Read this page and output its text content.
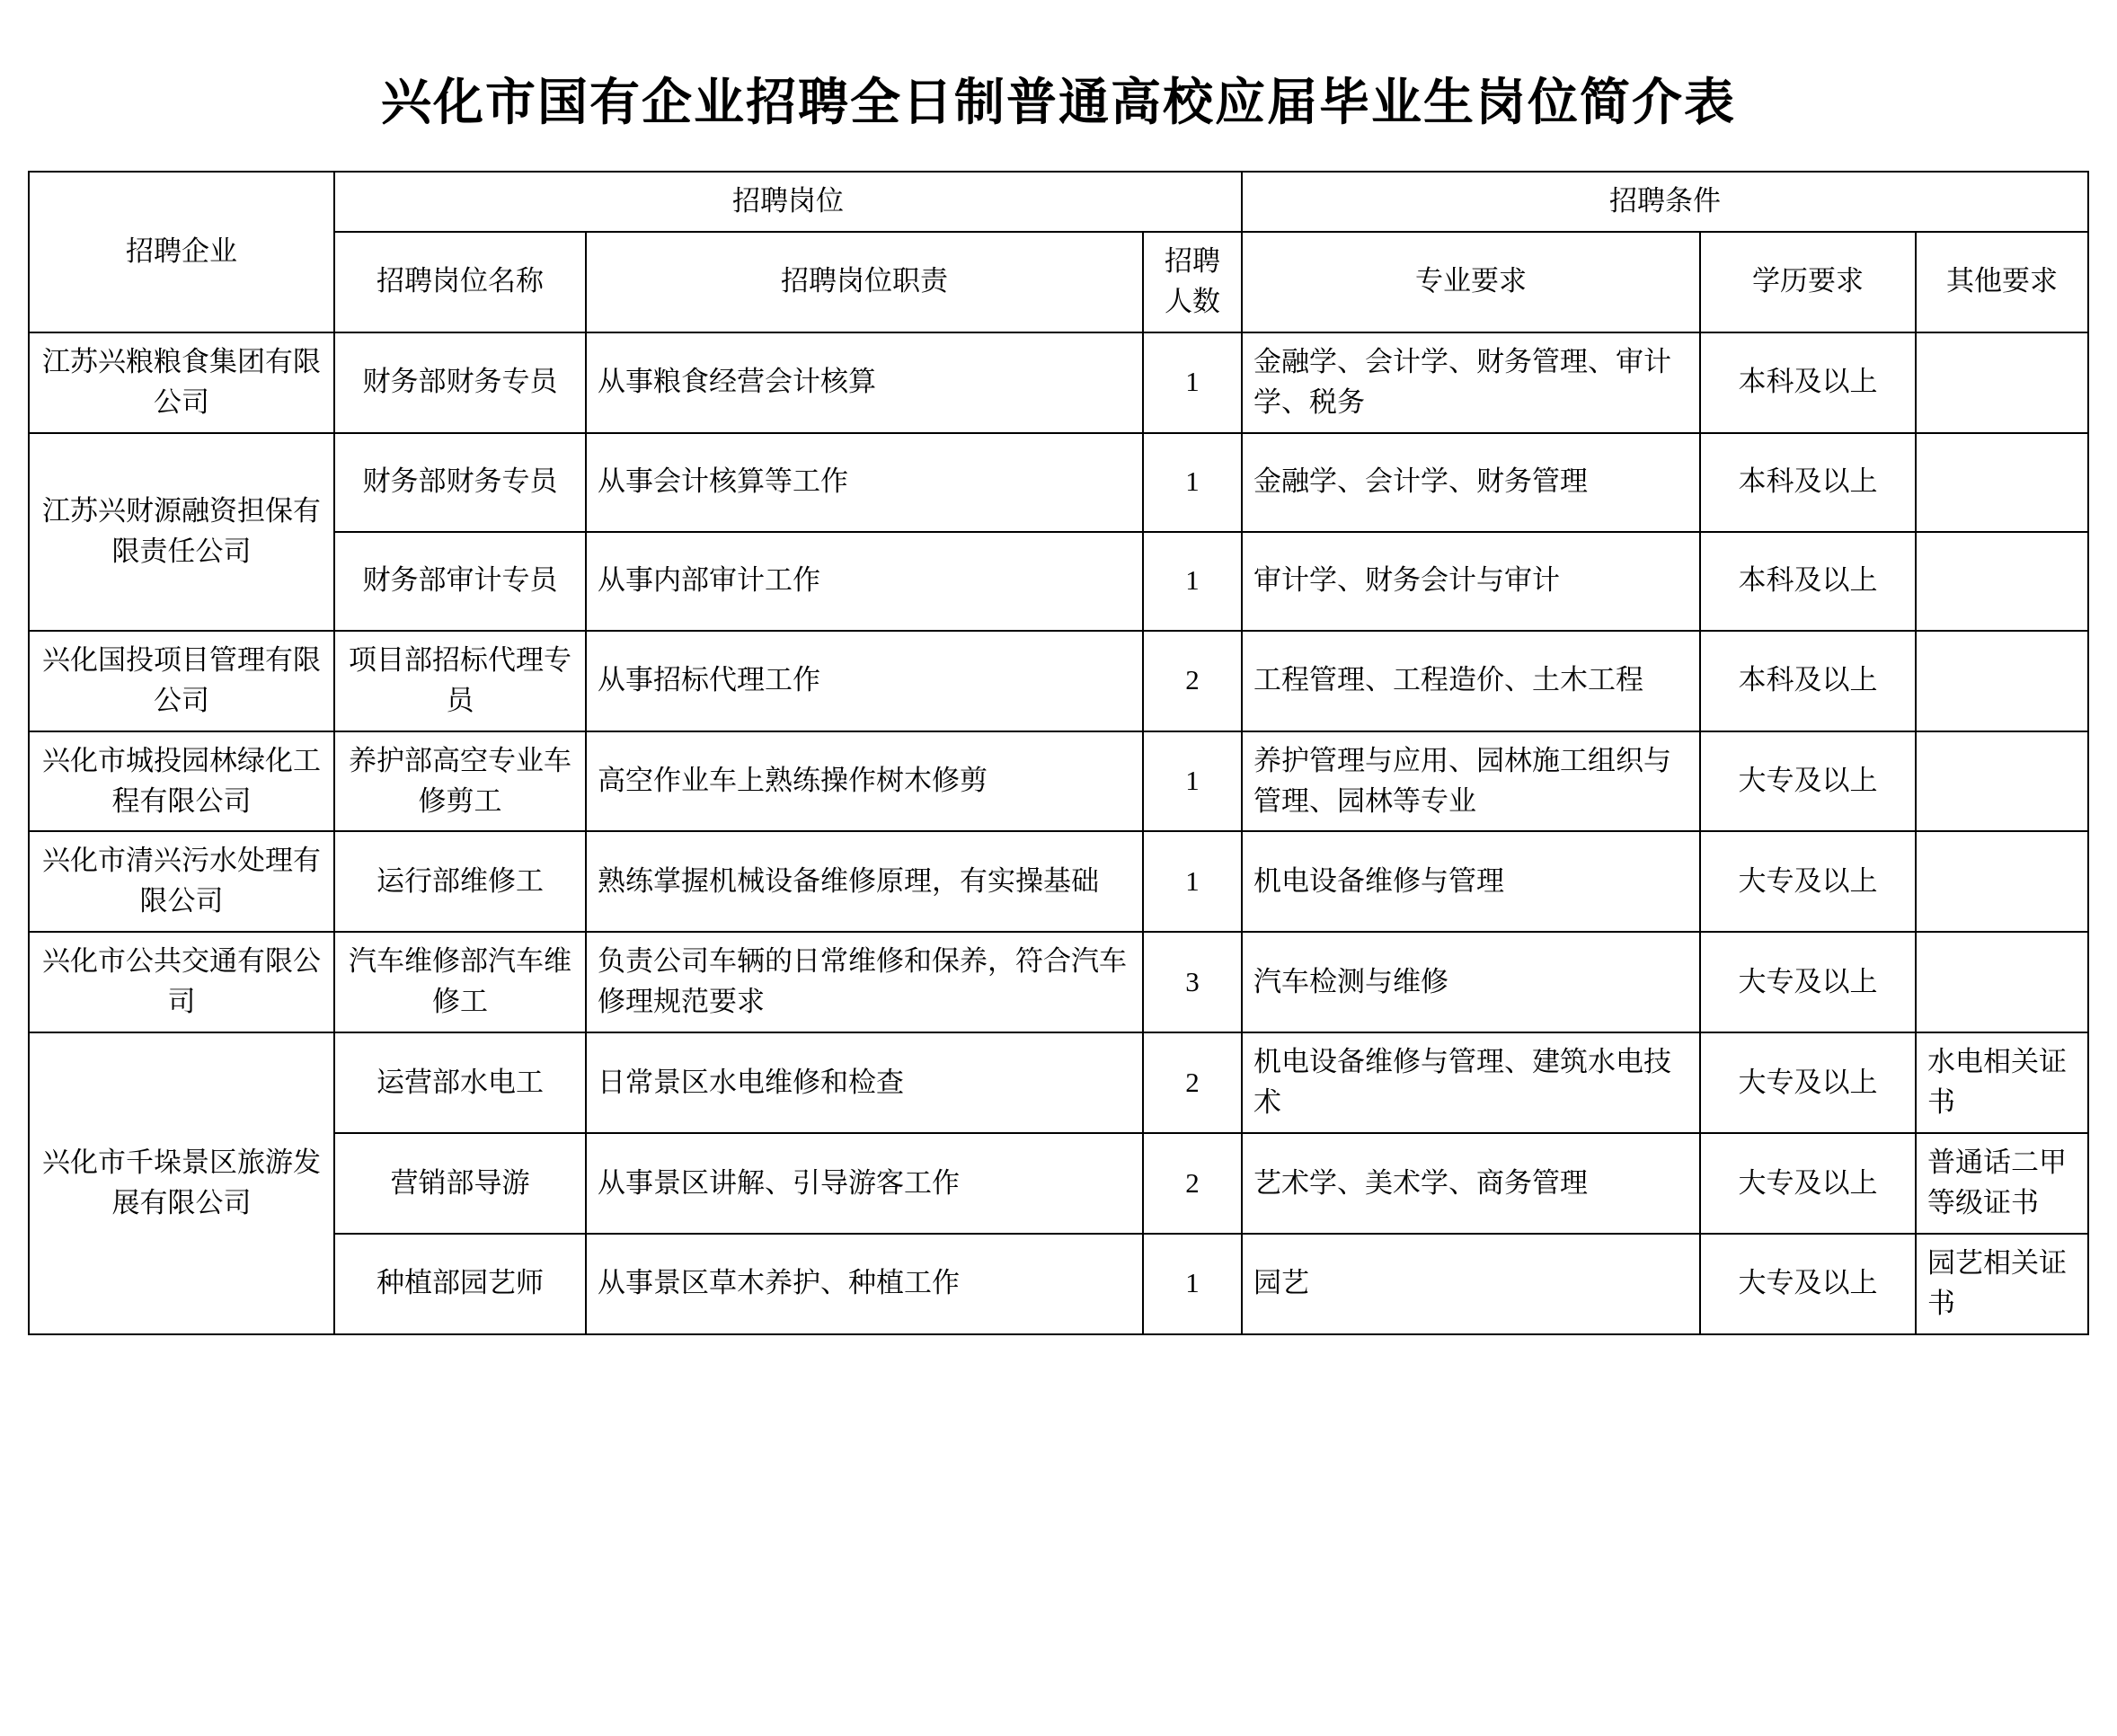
兴化市国有企业招聘全日制普通高校应届毕业生岗位简介表
招聘企业	招聘岗位			招聘条件		
	招聘岗位名称	招聘岗位职责	招聘人数	专业要求	学历要求	其他要求
江苏兴粮粮食集团有限公司	财务部财务专员	从事粮食经营会计核算	1	金融学、会计学、财务管理、审计学、税务	本科及以上	
江苏兴财源融资担保有限责任公司	财务部财务专员	从事会计核算等工作	1	金融学、会计学、财务管理	本科及以上	
	财务部审计专员	从事内部审计工作	1	审计学、财务会计与审计	本科及以上	
兴化国投项目管理有限公司	项目部招标代理专员	从事招标代理工作	2	工程管理、工程造价、土木工程	本科及以上	
兴化市城投园林绿化工程有限公司	养护部高空专业车修剪工	高空作业车上熟练操作树木修剪	1	养护管理与应用、园林施工组织与管理、园林等专业	大专及以上	
兴化市清兴污水处理有限公司	运行部维修工	熟练掌握机械设备维修原理，有实操基础	1	机电设备维修与管理	大专及以上	
兴化市公共交通有限公司	汽车维修部汽车维修工	负责公司车辆的日常维修和保养，符合汽车修理规范要求	3	汽车检测与维修	大专及以上	
兴化市千垛景区旅游发展有限公司	运营部水电工	日常景区水电维修和检查	2	机电设备维修与管理、建筑水电技术	大专及以上	水电相关证书
	营销部导游	从事景区讲解、引导游客工作	2	艺术学、美术学、商务管理	大专及以上	普通话二甲等级证书
	种植部园艺师	从事景区草木养护、种植工作	1	园艺	大专及以上	园艺相关证书
